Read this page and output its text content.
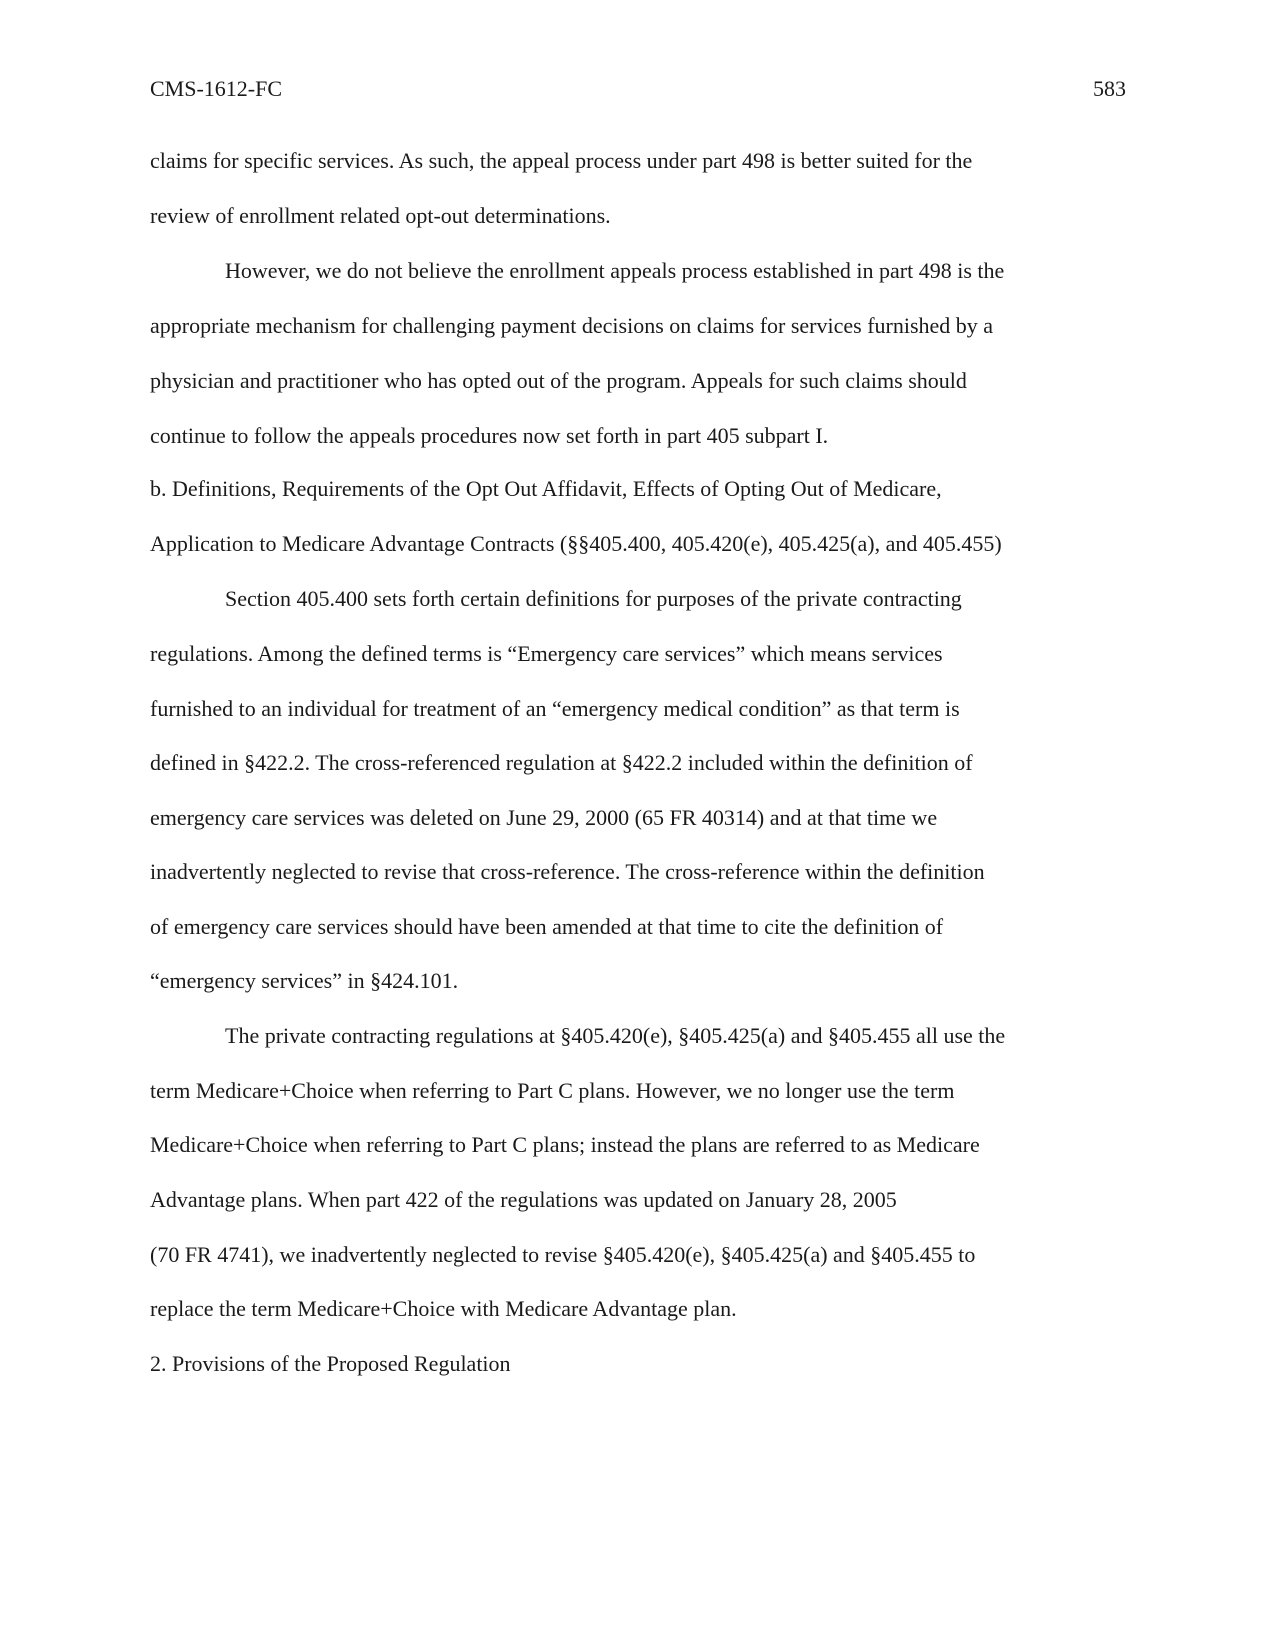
CMS-1612-FC	583
claims for specific services. As such, the appeal process under part 498 is better suited for the
review of enrollment related opt-out determinations.
However, we do not believe the enrollment appeals process established in part 498 is the
appropriate mechanism for challenging payment decisions on claims for services furnished by a
physician and practitioner who has opted out of the program. Appeals for such claims should
continue to follow the appeals procedures now set forth in part 405 subpart I.
b. Definitions, Requirements of the Opt Out Affidavit, Effects of Opting Out of Medicare,
Application to Medicare Advantage Contracts (§§405.400, 405.420(e), 405.425(a), and 405.455)
Section 405.400 sets forth certain definitions for purposes of the private contracting
regulations. Among the defined terms is “Emergency care services” which means services
furnished to an individual for treatment of an “emergency medical condition” as that term is
defined in §422.2. The cross-referenced regulation at §422.2 included within the definition of
emergency care services was deleted on June 29, 2000 (65 FR 40314) and at that time we
inadvertently neglected to revise that cross-reference. The cross-reference within the definition
of emergency care services should have been amended at that time to cite the definition of
“emergency services” in §424.101.
The private contracting regulations at §405.420(e), §405.425(a) and §405.455 all use the
term Medicare+Choice when referring to Part C plans. However, we no longer use the term
Medicare+Choice when referring to Part C plans; instead the plans are referred to as Medicare
Advantage plans. When part 422 of the regulations was updated on January 28, 2005
(70 FR 4741), we inadvertently neglected to revise §405.420(e), §405.425(a) and §405.455 to
replace the term Medicare+Choice with Medicare Advantage plan.
2. Provisions of the Proposed Regulation
